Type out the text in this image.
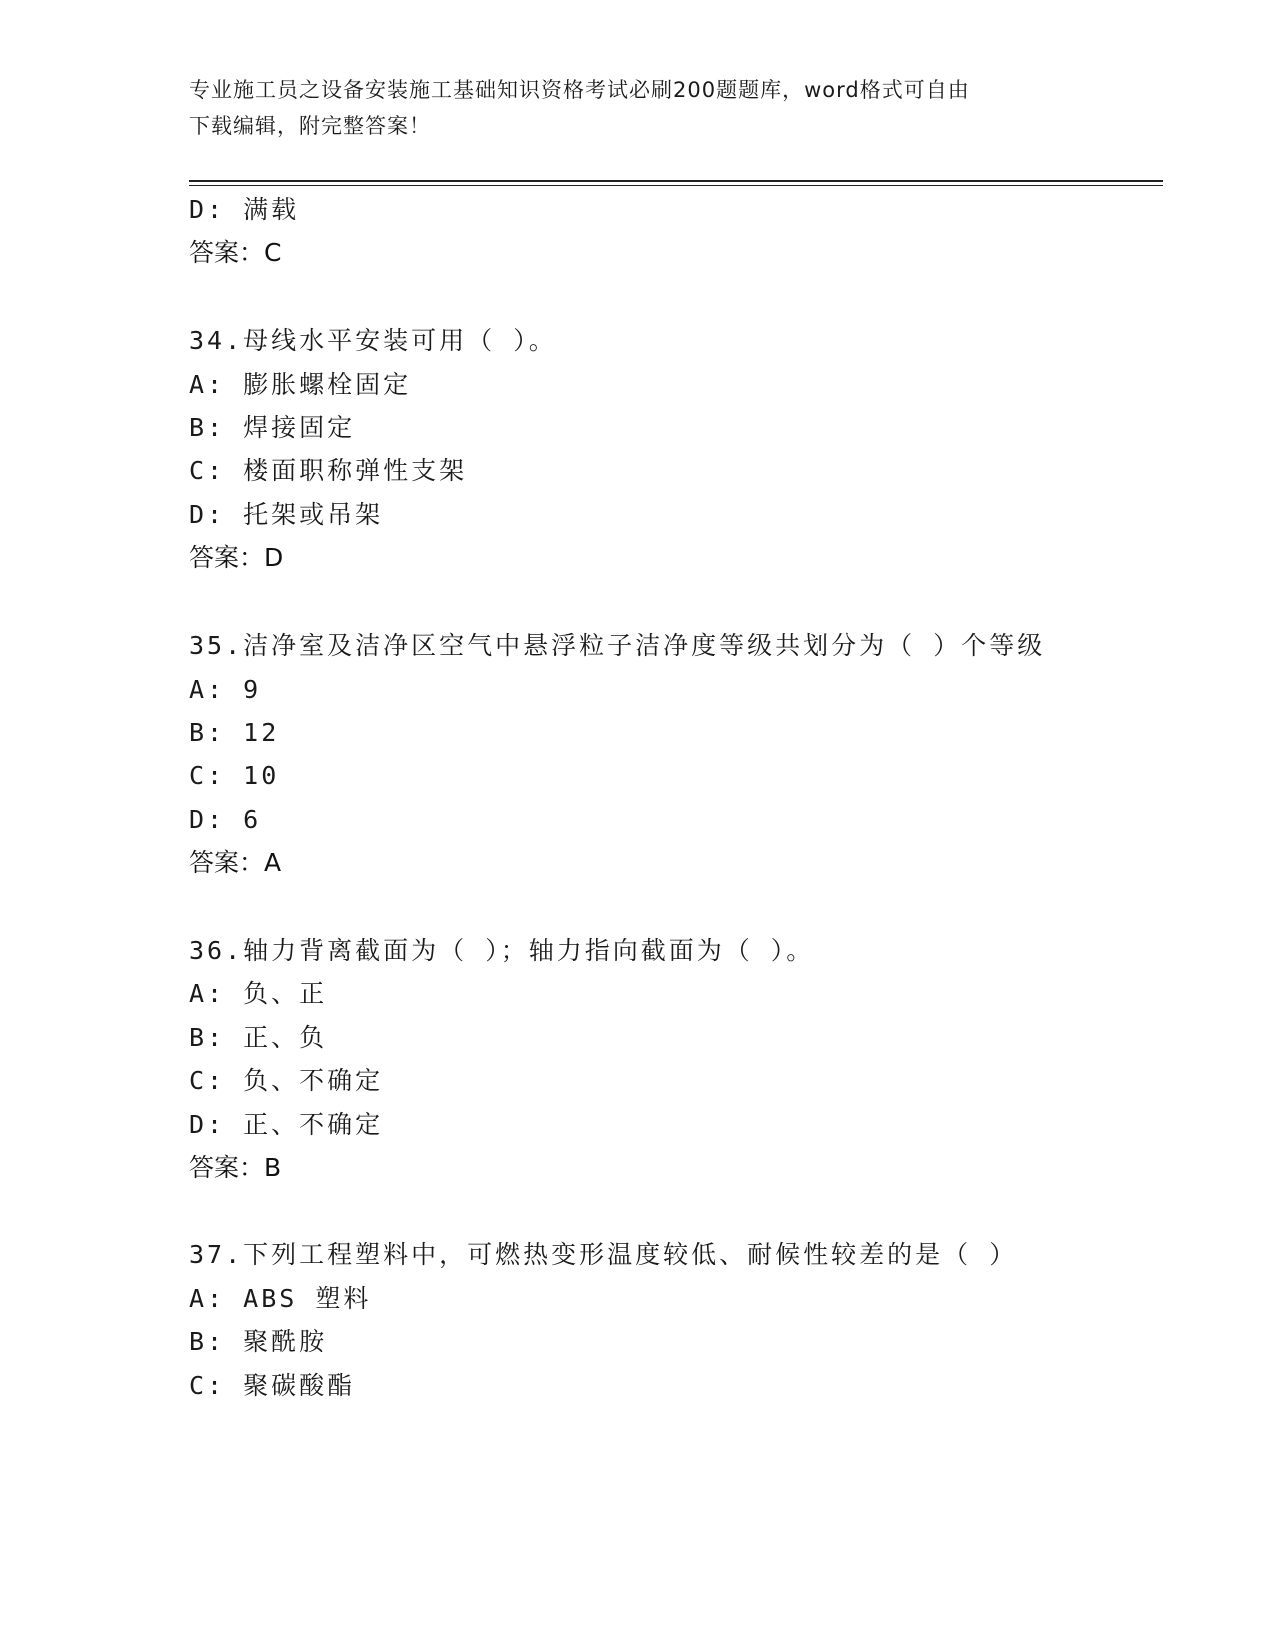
专业施工员之设备安装施工基础知识资格考试必刷200题题库，word格式可自由
下载编辑，附完整答案！
D: 满载
答案：C
34.母线水平安装可用（ ）。
A: 膨胀螺栓固定
B: 焊接固定
C: 楼面职称弹性支架
D: 托架或吊架
答案：D
35.洁净室及洁净区空气中悬浮粒子洁净度等级共划分为（ ）个等级
A: 9
B: 12
C: 10
D: 6
答案：A
36.轴力背离截面为（ ）；轴力指向截面为（ ）。
A: 负、正
B: 正、负
C: 负、不确定
D: 正、不确定
答案：B
37.下列工程塑料中，可燃热变形温度较低、耐候性较差的是（ ）
A: ABS 塑料
B: 聚酰胺
C: 聚碳酸酯
